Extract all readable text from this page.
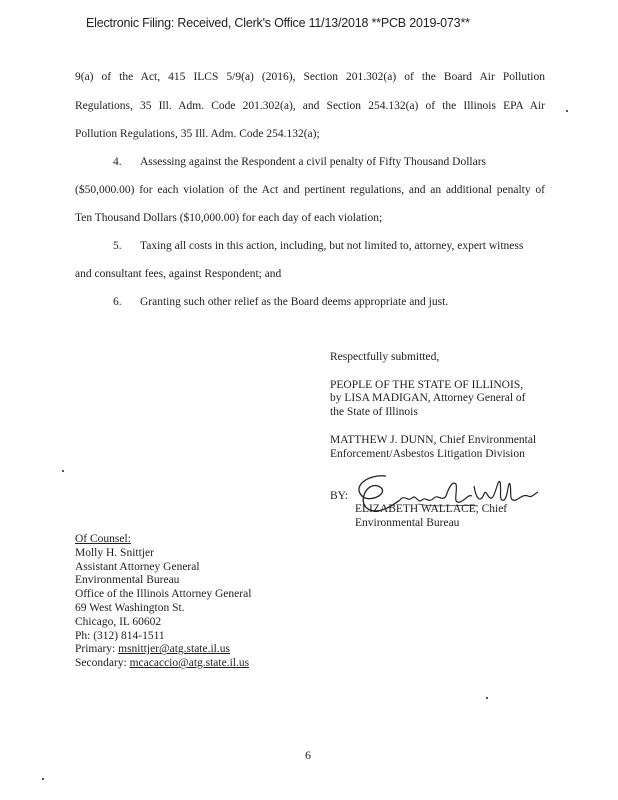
Electronic Filing: Received, Clerk's Office 11/13/2018 **PCB 2019-073**
9(a) of the Act, 415 ILCS 5/9(a) (2016), Section 201.302(a) of the Board Air Pollution
Regulations, 35 Ill. Adm. Code 201.302(a), and Section 254.132(a) of the Illinois EPA Air
Pollution Regulations, 35 Ill. Adm. Code 254.132(a);
4. Assessing against the Respondent a civil penalty of Fifty Thousand Dollars
($50,000.00) for each violation of the Act and pertinent regulations, and an additional penalty of
Ten Thousand Dollars ($10,000.00) for each day of each violation;
5. Taxing all costs in this action, including, but not limited to, attorney, expert witness
and consultant fees, against Respondent; and
6. Granting such other relief as the Board deems appropriate and just.
Respectfully submitted,
PEOPLE OF THE STATE OF ILLINOIS,
by LISA MADIGAN, Attorney General of
the State of Illinois
MATTHEW J. DUNN, Chief Environmental
Enforcement/Asbestos Litigation Division
BY:
ELIZABETH WALLACE, Chief
Environmental Bureau
Of Counsel:
Molly H. Snittjer
Assistant Attorney General
Environmental Bureau
Office of the Illinois Attorney General
69 West Washington St.
Chicago, IL 60602
Ph: (312) 814-1511
Primary: msnittjer@atg.state.il.us
Secondary: mcacaccio@atg.state.il.us
6
